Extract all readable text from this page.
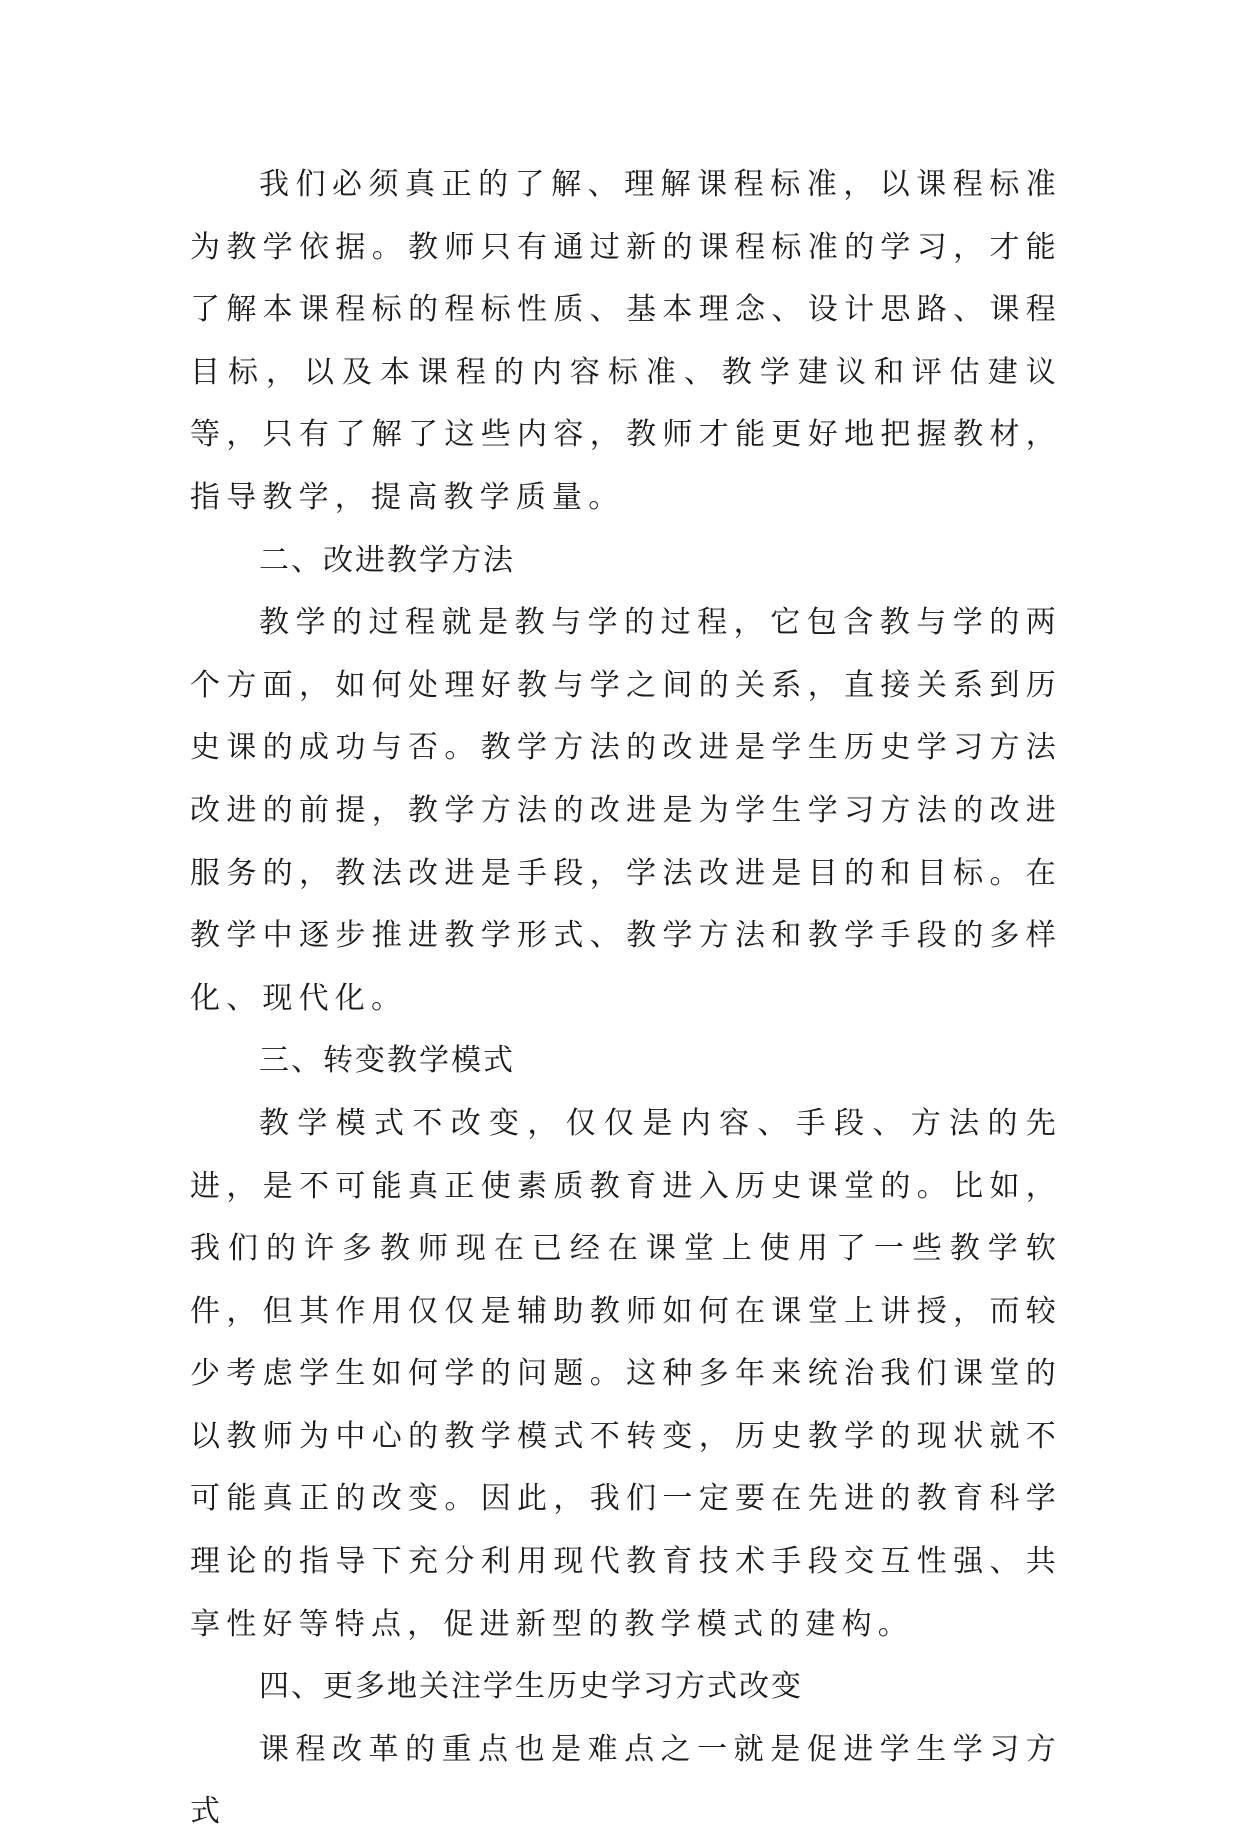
我们必须真正的了解、理解课程标准，以课程标准为教学依据。教师只有通过新的课程标准的学习，才能了解本课程标的程标性质、基本理念、设计思路、课程目标，以及本课程的内容标准、教学建议和评估建议等，只有了解了这些内容，教师才能更好地把握教材，指导教学，提高教学质量。

二、改进教学方法

教学的过程就是教与学的过程，它包含教与学的两个方面，如何处理好教与学之间的关系，直接关系到历史课的成功与否。教学方法的改进是学生历史学习方法改进的前提，教学方法的改进是为学生学习方法的改进服务的，教法改进是手段，学法改进是目的和目标。在教学中逐步推进教学形式、教学方法和教学手段的多样化、现代化。

三、转变教学模式

教学模式不改变，仅仅是内容、手段、方法的先进，是不可能真正使素质教育进入历史课堂的。比如，我们的许多教师现在已经在课堂上使用了一些教学软件，但其作用仅仅是辅助教师如何在课堂上讲授，而较少考虑学生如何学的问题。这种多年来统治我们课堂的以教师为中心的教学模式不转变，历史教学的现状就不可能真正的改变。因此，我们一定要在先进的教育科学理论的指导下充分利用现代教育技术手段交互性强、共享性好等特点，促进新型的教学模式的建构。

四、更多地关注学生历史学习方式改变

课程改革的重点也是难点之一就是促进学生学习方式
